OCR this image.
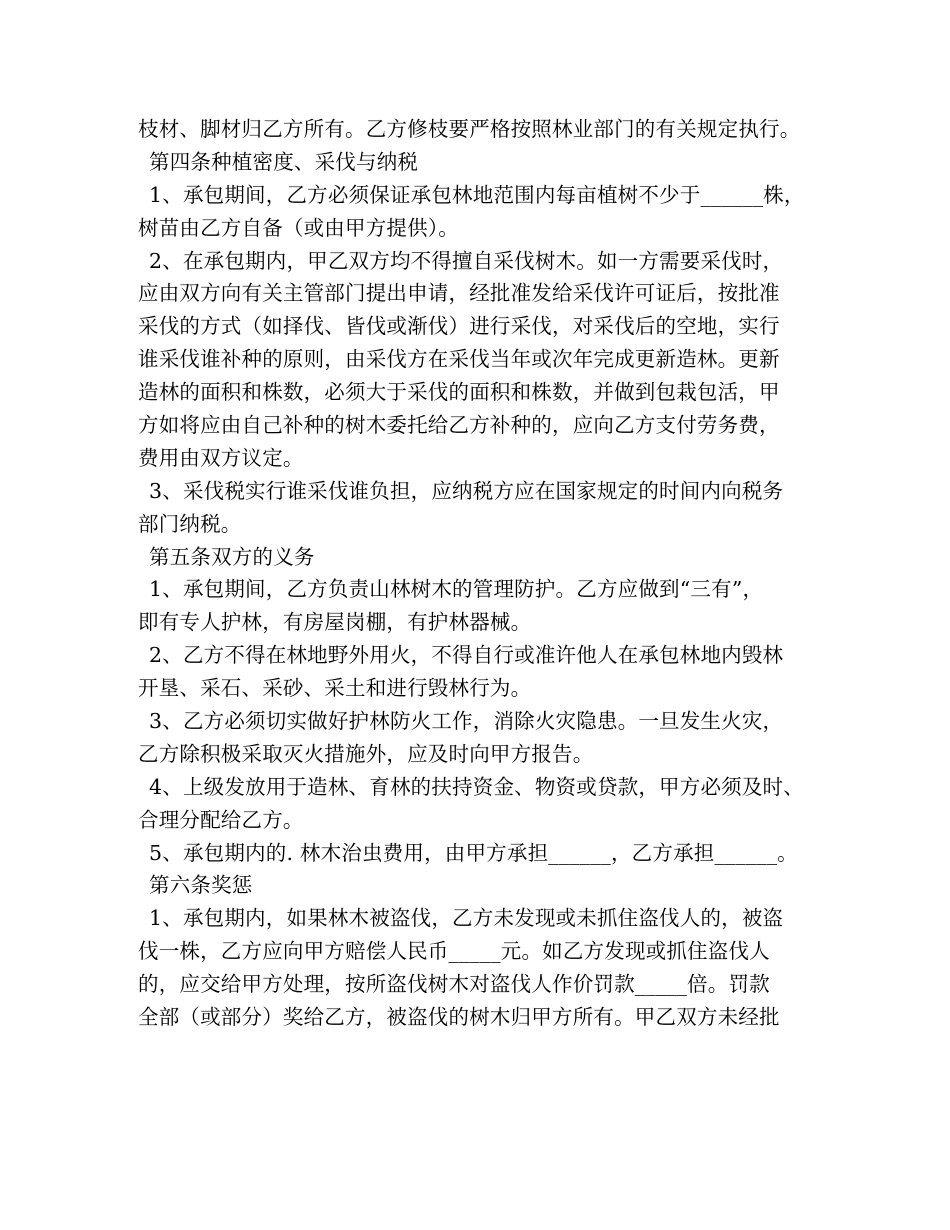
枝材、脚材归乙方所有。乙方修枝要严格按照林业部门的有关规定执行。
第四条种植密度、采伐与纳税
1、承包期间，乙方必须保证承包林地范围内每亩植树不少于______株，
树苗由乙方自备（或由甲方提供）。
2、在承包期内，甲乙双方均不得擅自采伐树木。如一方需要采伐时，
应由双方向有关主管部门提出申请，经批准发给采伐许可证后，按批准
采伐的方式（如择伐、皆伐或渐伐）进行采伐，对采伐后的空地，实行
谁采伐谁补种的原则，由采伐方在采伐当年或次年完成更新造林。更新
造林的面积和株数，必须大于采伐的面积和株数，并做到包栽包活，甲
方如将应由自己补种的树木委托给乙方补种的，应向乙方支付劳务费，
费用由双方议定。
3、采伐税实行谁采伐谁负担，应纳税方应在国家规定的时间内向税务
部门纳税。
第五条双方的义务
1、承包期间，乙方负责山林树木的管理防护。乙方应做到“三有”，
即有专人护林，有房屋岗棚，有护林器械。
2、乙方不得在林地野外用火，不得自行或准许他人在承包林地内毁林
开垦、采石、采砂、采土和进行毁林行为。
3、乙方必须切实做好护林防火工作，消除火灾隐患。一旦发生火灾，
乙方除积极采取灭火措施外，应及时向甲方报告。
4、上级发放用于造林、育林的扶持资金、物资或贷款，甲方必须及时、
合理分配给乙方。
5、承包期内的. 林木治虫费用，由甲方承担______，乙方承担______。
第六条奖惩
1、承包期内，如果林木被盗伐，乙方未发现或未抓住盗伐人的，被盗
伐一株，乙方应向甲方赔偿人民币_____元。如乙方发现或抓住盗伐人
的，应交给甲方处理，按所盗伐树木对盗伐人作价罚款_____倍。罚款
全部（或部分）奖给乙方，被盗伐的树木归甲方所有。甲乙双方未经批
